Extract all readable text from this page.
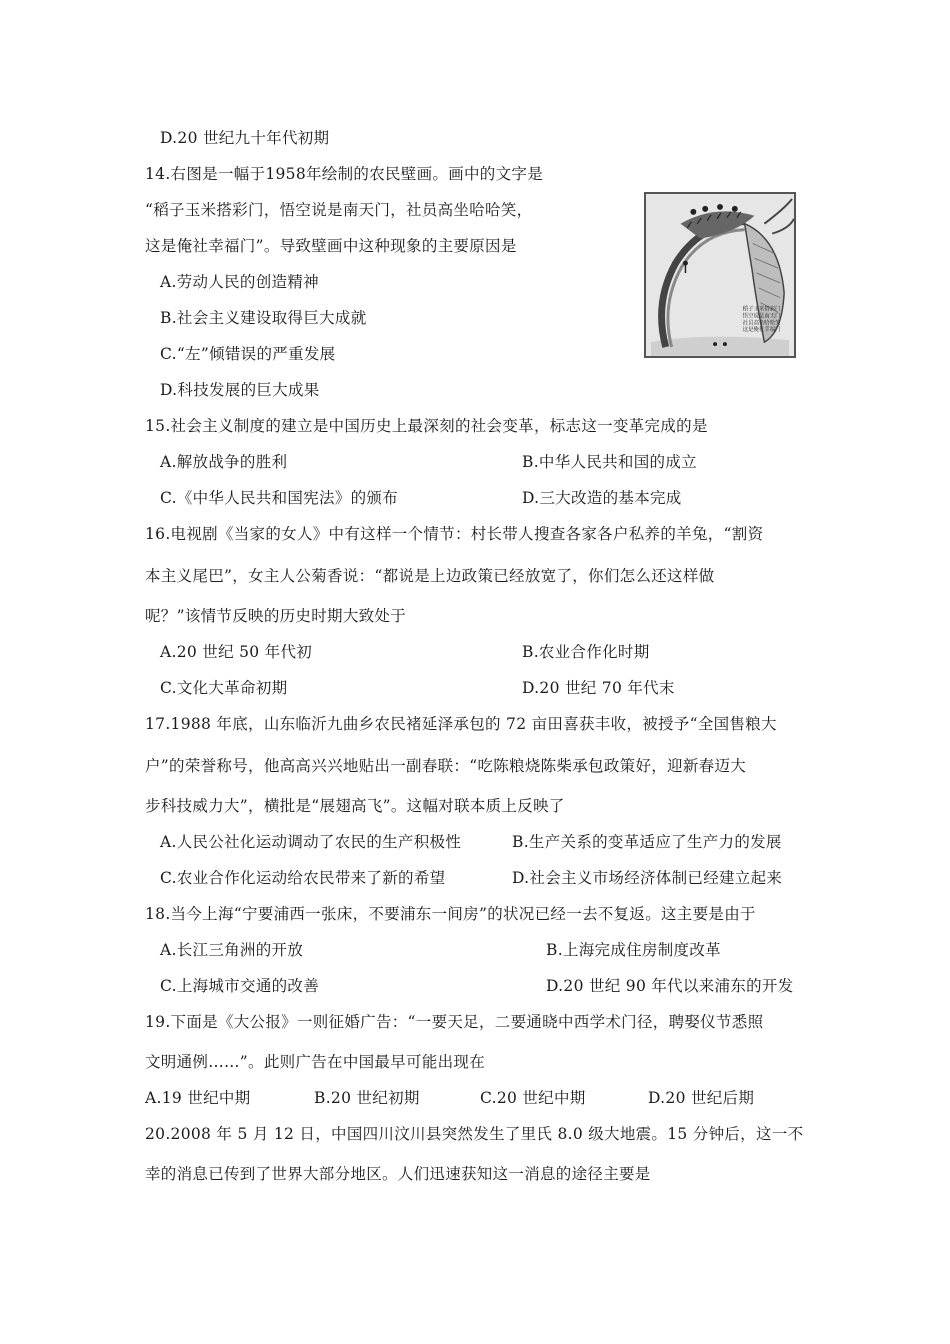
D.20 世纪九十年代初期
14.右图是一幅于1958年绘制的农民壁画。画中的文字是
“稻子玉米搭彩门，悟空说是南天门，社员高坐哈哈笑，
这是俺社幸福门”。导致壁画中这种现象的主要原因是
A.劳动人民的创造精神
B.社会主义建设取得巨大成就
C.“左”倾错误的严重发展
D.科技发展的巨大成果
稻子玉米搭彩门
悟空说是南天门
社员高坐哈哈笑
这是俺社幸福门
15.社会主义制度的建立是中国历史上最深刻的社会变革，标志这一变革完成的是
A.解放战争的胜利	B.中华人民共和国的成立
C.《中华人民共和国宪法》的颁布	D.三大改造的基本完成
16.电视剧《当家的女人》中有这样一个情节：村长带人搜查各家各户私养的羊兔，“割资
本主义尾巴”，女主人公菊香说：“都说是上边政策已经放宽了，你们怎么还这样做
呢？”该情节反映的历史时期大致处于
A.20 世纪 50 年代初	B.农业合作化时期
C.文化大革命初期	D.20 世纪 70 年代末
17.1988 年底，山东临沂九曲乡农民褚延泽承包的 72 亩田喜获丰收，被授予“全国售粮大
户”的荣誉称号，他高高兴兴地贴出一副春联：“吃陈粮烧陈柴承包政策好，迎新春迈大
步科技威力大”，横批是“展翅高飞”。这幅对联本质上反映了
A.人民公社化运动调动了农民的生产积极性	B.生产关系的变革适应了生产力的发展
C.农业合作化运动给农民带来了新的希望	D.社会主义市场经济体制已经建立起来
18.当今上海“宁要浦西一张床，不要浦东一间房”的状况已经一去不复返。这主要是由于
A.长江三角洲的开放	B.上海完成住房制度改革
C.上海城市交通的改善	D.20 世纪 90 年代以来浦东的开发
19.下面是《大公报》一则征婚广告：“一要天足，二要通晓中西学术门径，聘娶仪节悉照
文明通例……”。此则广告在中国最早可能出现在
A.19 世纪中期	B.20 世纪初期	C.20 世纪中期	D.20 世纪后期
20.2008 年 5 月 12 日，中国四川汶川县突然发生了里氏 8.0 级大地震。15 分钟后，这一不
幸的消息已传到了世界大部分地区。人们迅速获知这一消息的途径主要是
